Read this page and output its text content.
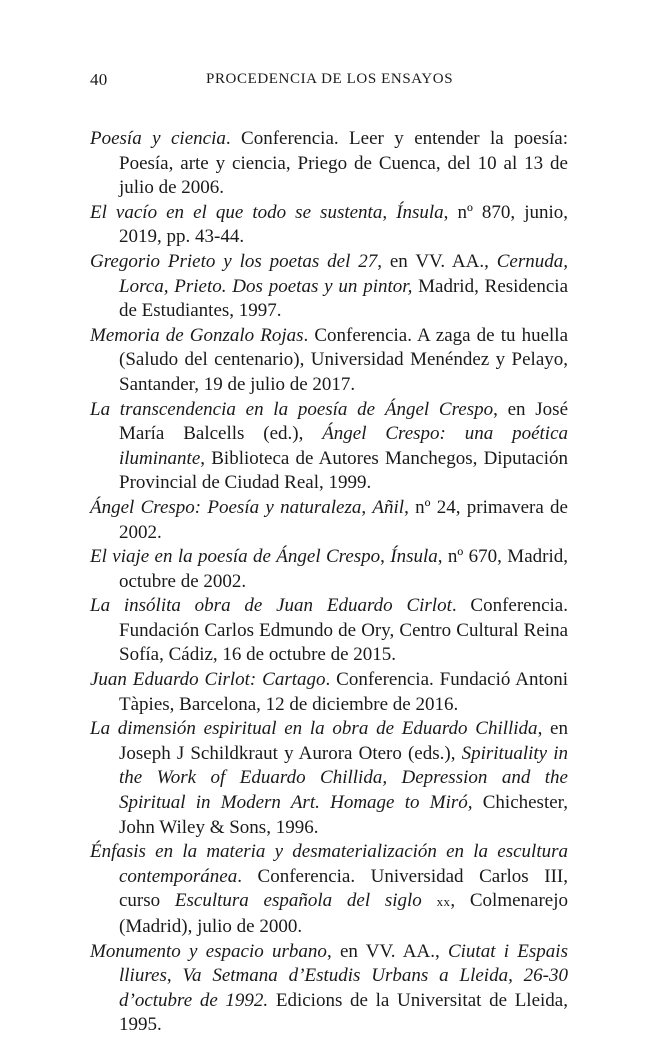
40	PROCEDENCIA DE LOS ENSAYOS

Poesía y ciencia. Conferencia. Leer y entender la poesía: Poesía, arte y ciencia, Priego de Cuenca, del 10 al 13 de julio de 2006.

El vacío en el que todo se sustenta, Ínsula, nº 870, junio, 2019, pp. 43-44.

Gregorio Prieto y los poetas del 27, en VV. AA., Cernuda, Lorca, Prieto. Dos poetas y un pintor, Madrid, Residencia de Estudiantes, 1997.

Memoria de Gonzalo Rojas. Conferencia. A zaga de tu huella (Saludo del centenario), Universidad Menéndez y Pelayo, Santander, 19 de julio de 2017.

La transcendencia en la poesía de Ángel Crespo, en José María Balcells (ed.), Ángel Crespo: una poética iluminante, Biblioteca de Autores Manchegos, Diputación Provincial de Ciudad Real, 1999.

Ángel Crespo: Poesía y naturaleza, Añil, nº 24, primavera de 2002.

El viaje en la poesía de Ángel Crespo, Ínsula, nº 670, Madrid, octubre de 2002.

La insólita obra de Juan Eduardo Cirlot. Conferencia. Fundación Carlos Edmundo de Ory, Centro Cultural Reina Sofía, Cádiz, 16 de octubre de 2015.

Juan Eduardo Cirlot: Cartago. Conferencia. Fundació Antoni Tàpies, Barcelona, 12 de diciembre de 2016.

La dimensión espiritual en la obra de Eduardo Chillida, en Joseph J Schildkraut y Aurora Otero (eds.), Spirituality in the Work of Eduardo Chillida, Depression and the Spiritual in Modern Art. Homage to Miró, Chichester, John Wiley & Sons, 1996.

Énfasis en la materia y desmaterialización en la escultura contemporánea. Conferencia. Universidad Carlos III, curso Escultura española del siglo xx, Colmenarejo (Madrid), julio de 2000.

Monumento y espacio urbano, en VV. AA., Ciutat i Espais lliures, Va Setmana d’Estudis Urbans a Lleida, 26-30 d’octubre de 1992. Edicions de la Universitat de Lleida, 1995.
